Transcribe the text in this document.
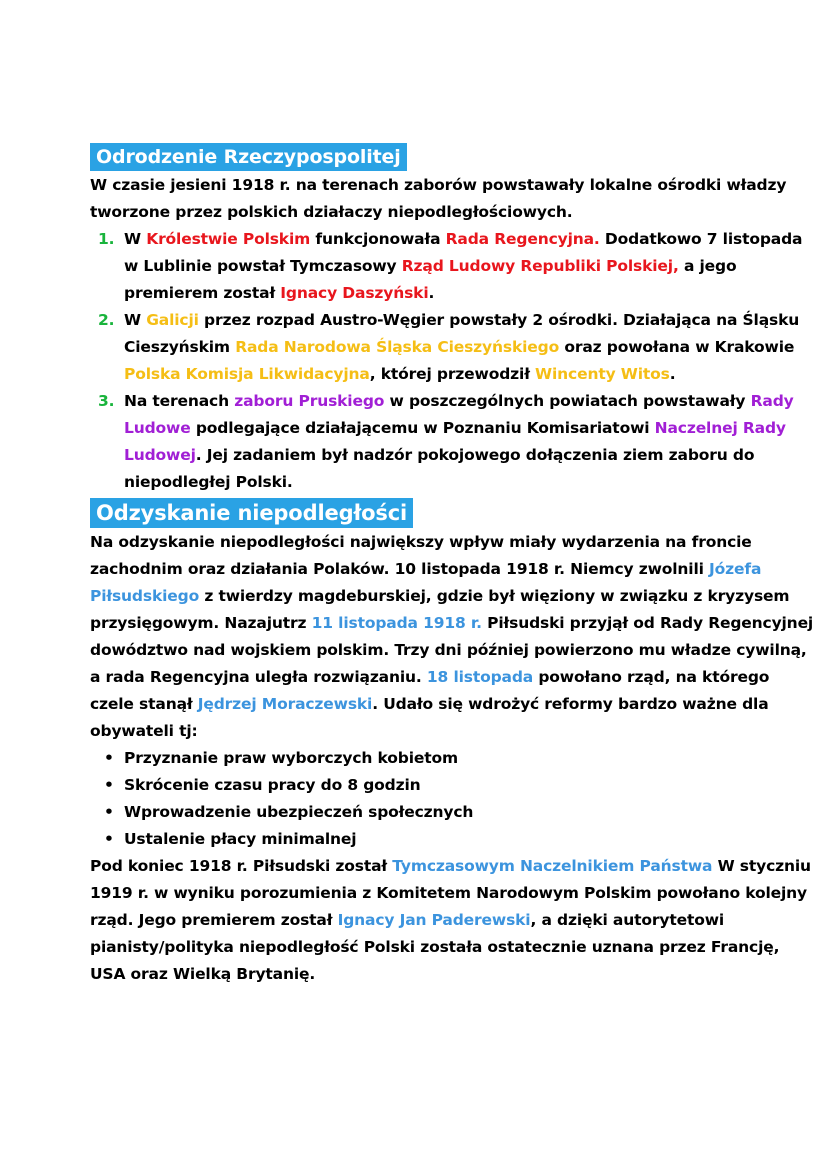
Odrodzenie Rzeczypospolitej

W czasie jesieni 1918 r. na terenach zaborów powstawały lokalne ośrodki władzy tworzone przez polskich działaczy niepodległościowych.

1. W Królestwie Polskim funkcjonowała Rada Regencyjna. Dodatkowo 7 listopada w Lublinie powstał Tymczasowy Rząd Ludowy Republiki Polskiej, a jego premierem został Ignacy Daszyński.
2. W Galicji przez rozpad Austro-Węgier powstały 2 ośrodki. Działająca na Śląsku Cieszyńskim Rada Narodowa Śląska Cieszyńskiego oraz powołana w Krakowie Polska Komisja Likwidacyjna, której przewodził Wincenty Witos.
3. Na terenach zaboru Pruskiego w poszczególnych powiatach powstawały Rady Ludowe podlegające działającemu w Poznaniu Komisariatowi Naczelnej Rady Ludowej. Jej zadaniem był nadzór pokojowego dołączenia ziem zaboru do niepodległej Polski.
Odzyskanie niepodległości

Na odzyskanie niepodległości największy wpływ miały wydarzenia na froncie zachodnim oraz działania Polaków. 10 listopada 1918 r. Niemcy zwolnili Józefa Piłsudskiego z twierdzy magdeburskiej, gdzie był więziony w związku z kryzysem przysięgowym. Nazajutrz 11 listopada 1918 r. Piłsudski przyjął od Rady Regencyjnej dowództwo nad wojskiem polskim. Trzy dni później powierzono mu władze cywilną, a rada Regencyjna uległa rozwiązaniu. 18 listopada powołano rząd, na którego czele stanął Jędrzej Moraczewski. Udało się wdrożyć reformy bardzo ważne dla obywateli tj:

• Przyznanie praw wyborczych kobietom
• Skrócenie czasu pracy do 8 godzin
• Wprowadzenie ubezpieczeń społecznych
• Ustalenie płacy minimalnej

Pod koniec 1918 r. Piłsudski został Tymczasowym Naczelnikiem Państwa W styczniu 1919 r. w wyniku porozumienia z Komitetem Narodowym Polskim powołano kolejny rząd. Jego premierem został Ignacy Jan Paderewski, a dzięki autorytetowi pianisty/polityka niepodległość Polski została ostatecznie uznana przez Francję, USA oraz Wielką Brytanię.
